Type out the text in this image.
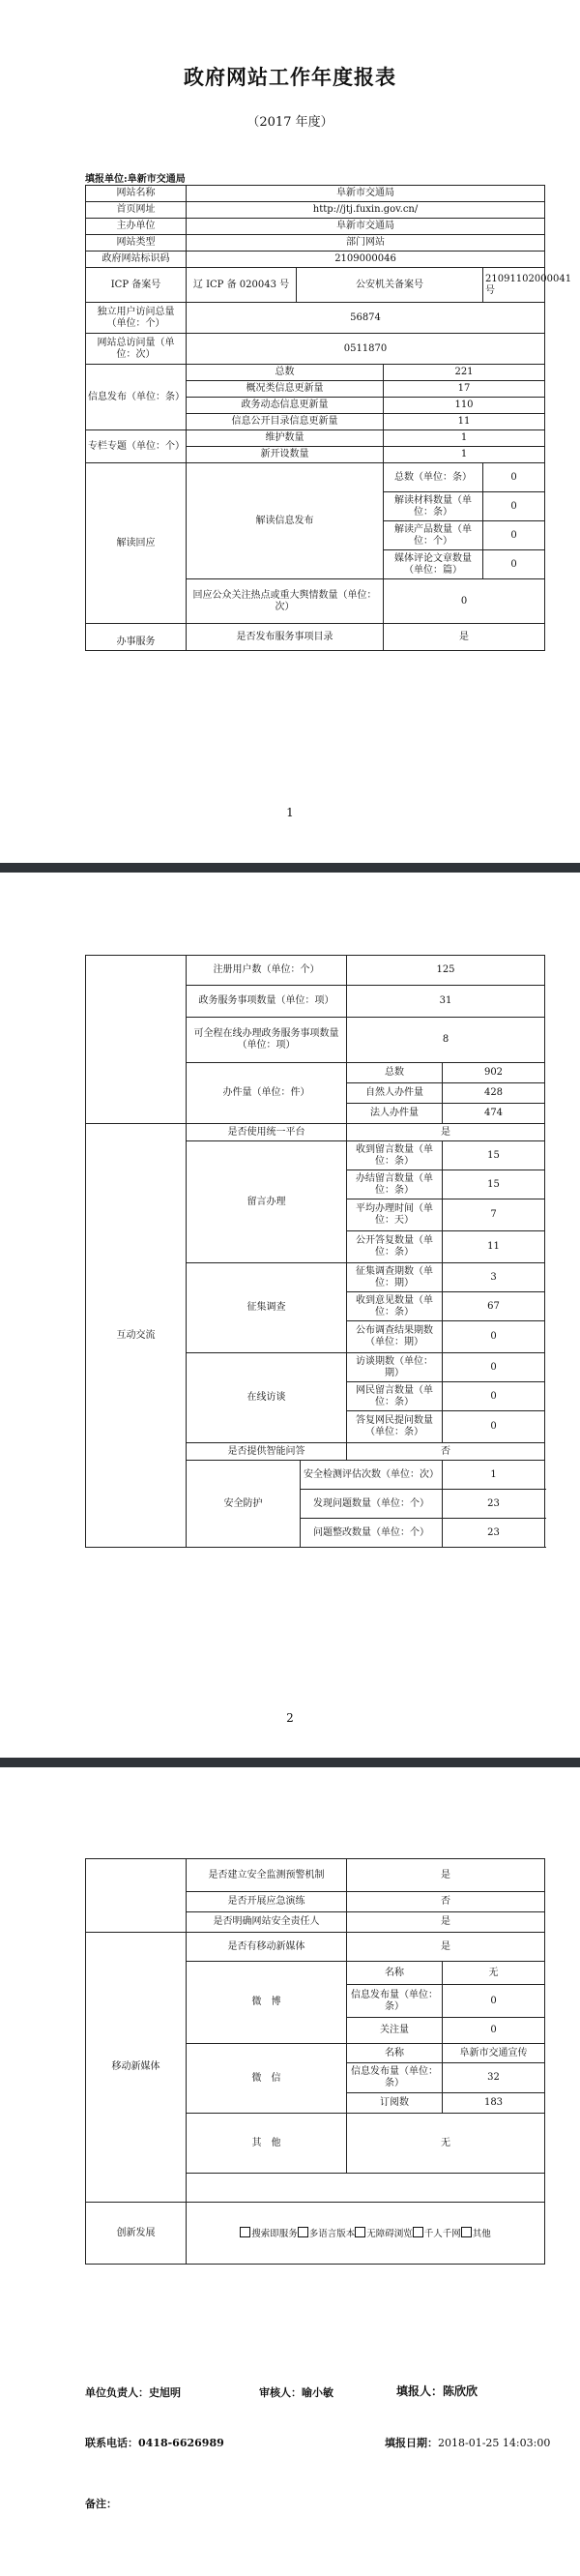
政府网站工作年度报表
（2017 年度）
填报单位:阜新市交通局
网站名称	阜新市交通局			
首页网址	http://jtj.fuxin.gov.cn/			
主办单位	阜新市交通局			
网站类型	部门网站			
政府网站标识码	2109000046			
ICP 备案号	辽 ICP 备 020043 号	公安机关备案号		21091102000041 号
独立用户访问总量（单位：个）	56874			
网站总访问量（单位：次）	0511870			
信息发布（单位：条）	总数		221	
	概况类信息更新量		17	
	政务动态信息更新量		110	
	信息公开目录信息更新量		11	
专栏专题（单位：个）	维护数量		1	
	新开设数量		1	
解读回应	解读信息发布		总数（单位：条）	0
			解读材料数量（单位：条）	0
			解读产品数量（单位：个）	0
			媒体评论文章数量（单位：篇）	0
	回应公众关注热点或重大舆情数量（单位：次）		0	
办事服务	是否发布服务事项目录		是	
1
	注册用户数（单位：个）		125	
	政务服务事项数量（单位：项）		31	
	可全程在线办理政务服务事项数量（单位：项）		8	
	办件量（单位：件）		总数	902
			自然人办件量	428
			法人办件量	474
互动交流	是否使用统一平台		是	
	留言办理		收到留言数量（单位：条）	15
			办结留言数量（单位：条）	15
			平均办理时间（单位：天）	7
			公开答复数量（单位：条）	11
	征集调查		征集调查期数（单位：期）	3
			收到意见数量（单位：条）	67
			公布调查结果期数（单位：期）	0
	在线访谈		访谈期数（单位：期）	0
			网民留言数量（单位：条）	0
			答复网民提问数量（单位：条）	0
	是否提供智能问答		否	
	安全防护	安全检测评估次数（单位：次）		1
		发现问题数量（单位：个）		23
		问题整改数量（单位：个）		23
2
	是否建立安全监测预警机制	是	
	是否开展应急演练	否	
	是否明确网站安全责任人	是	
移动新媒体	是否有移动新媒体	是	
	微　博	名称	无
		信息发布量（单位：条）	0
		关注量	0
	微　信	名称	阜新市交通宣传
		信息发布量（单位：条）	32
		订阅数	183
	其　他	无	

创新发展	搜索即服务 多语言版本 无障碍浏览 千人千网 其他		
单位负责人：史旭明	审核人：喻小敏	填报人：陈欣欣
联系电话：0418-6626989	填报日期：2018-01-25 14:03:00
备注：
